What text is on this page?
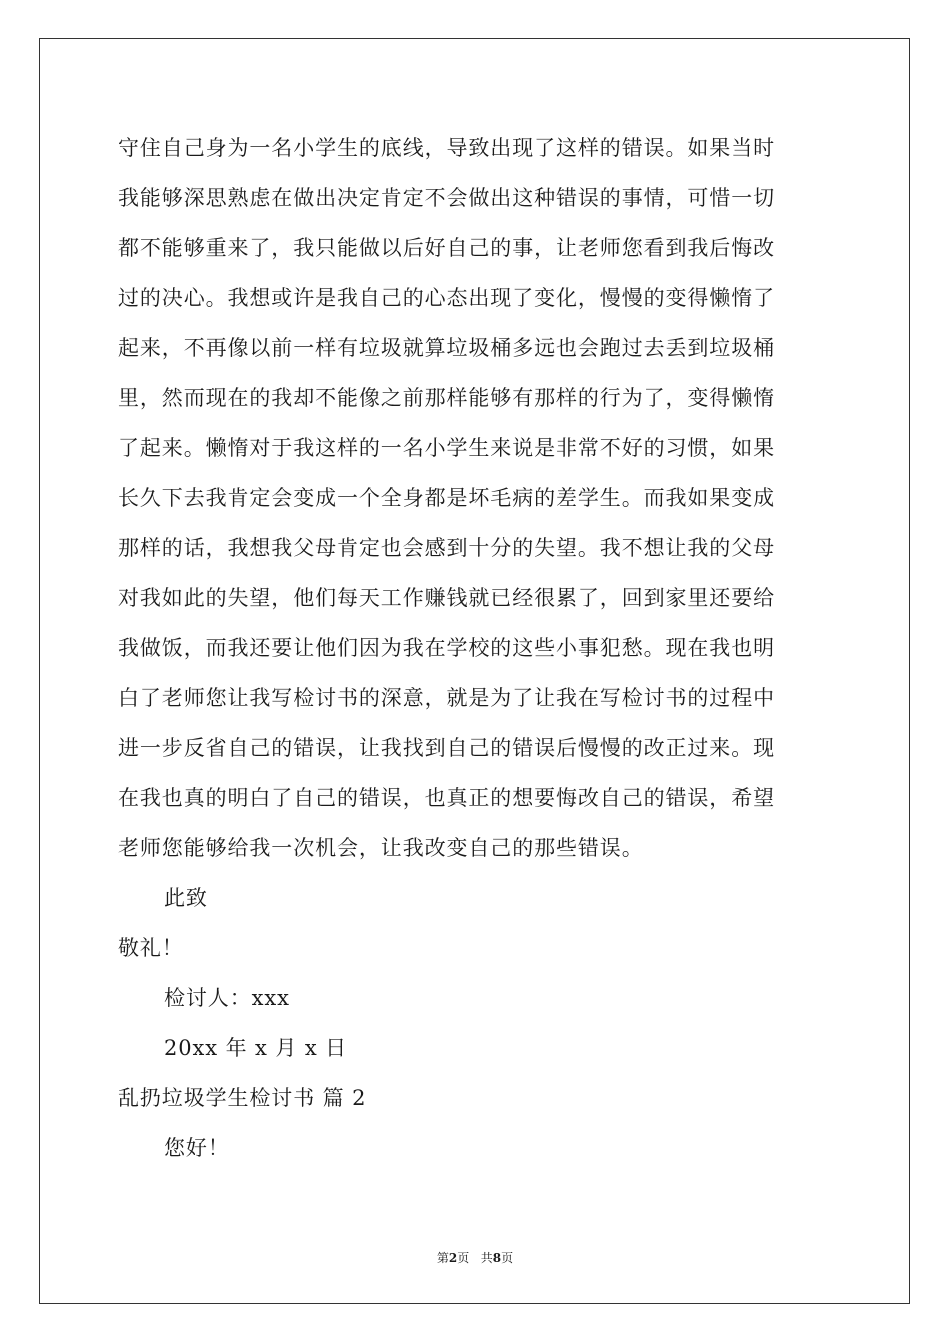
守住自己身为一名小学生的底线，导致出现了这样的错误。如果当时
我能够深思熟虑在做出决定肯定不会做出这种错误的事情，可惜一切
都不能够重来了，我只能做以后好自己的事，让老师您看到我后悔改
过的决心。我想或许是我自己的心态出现了变化，慢慢的变得懒惰了
起来，不再像以前一样有垃圾就算垃圾桶多远也会跑过去丢到垃圾桶
里，然而现在的我却不能像之前那样能够有那样的行为了，变得懒惰
了起来。懒惰对于我这样的一名小学生来说是非常不好的习惯，如果
长久下去我肯定会变成一个全身都是坏毛病的差学生。而我如果变成
那样的话，我想我父母肯定也会感到十分的失望。我不想让我的父母
对我如此的失望，他们每天工作赚钱就已经很累了，回到家里还要给
我做饭，而我还要让他们因为我在学校的这些小事犯愁。现在我也明
白了老师您让我写检讨书的深意，就是为了让我在写检讨书的过程中
进一步反省自己的错误，让我找到自己的错误后慢慢的改正过来。现
在我也真的明白了自己的错误，也真正的想要悔改自己的错误，希望
老师您能够给我一次机会，让我改变自己的那些错误。
此致
敬礼！
检讨人：xxx
20xx 年 x 月 x 日
乱扔垃圾学生检讨书 篇 2
您好！
第2页 共8页
